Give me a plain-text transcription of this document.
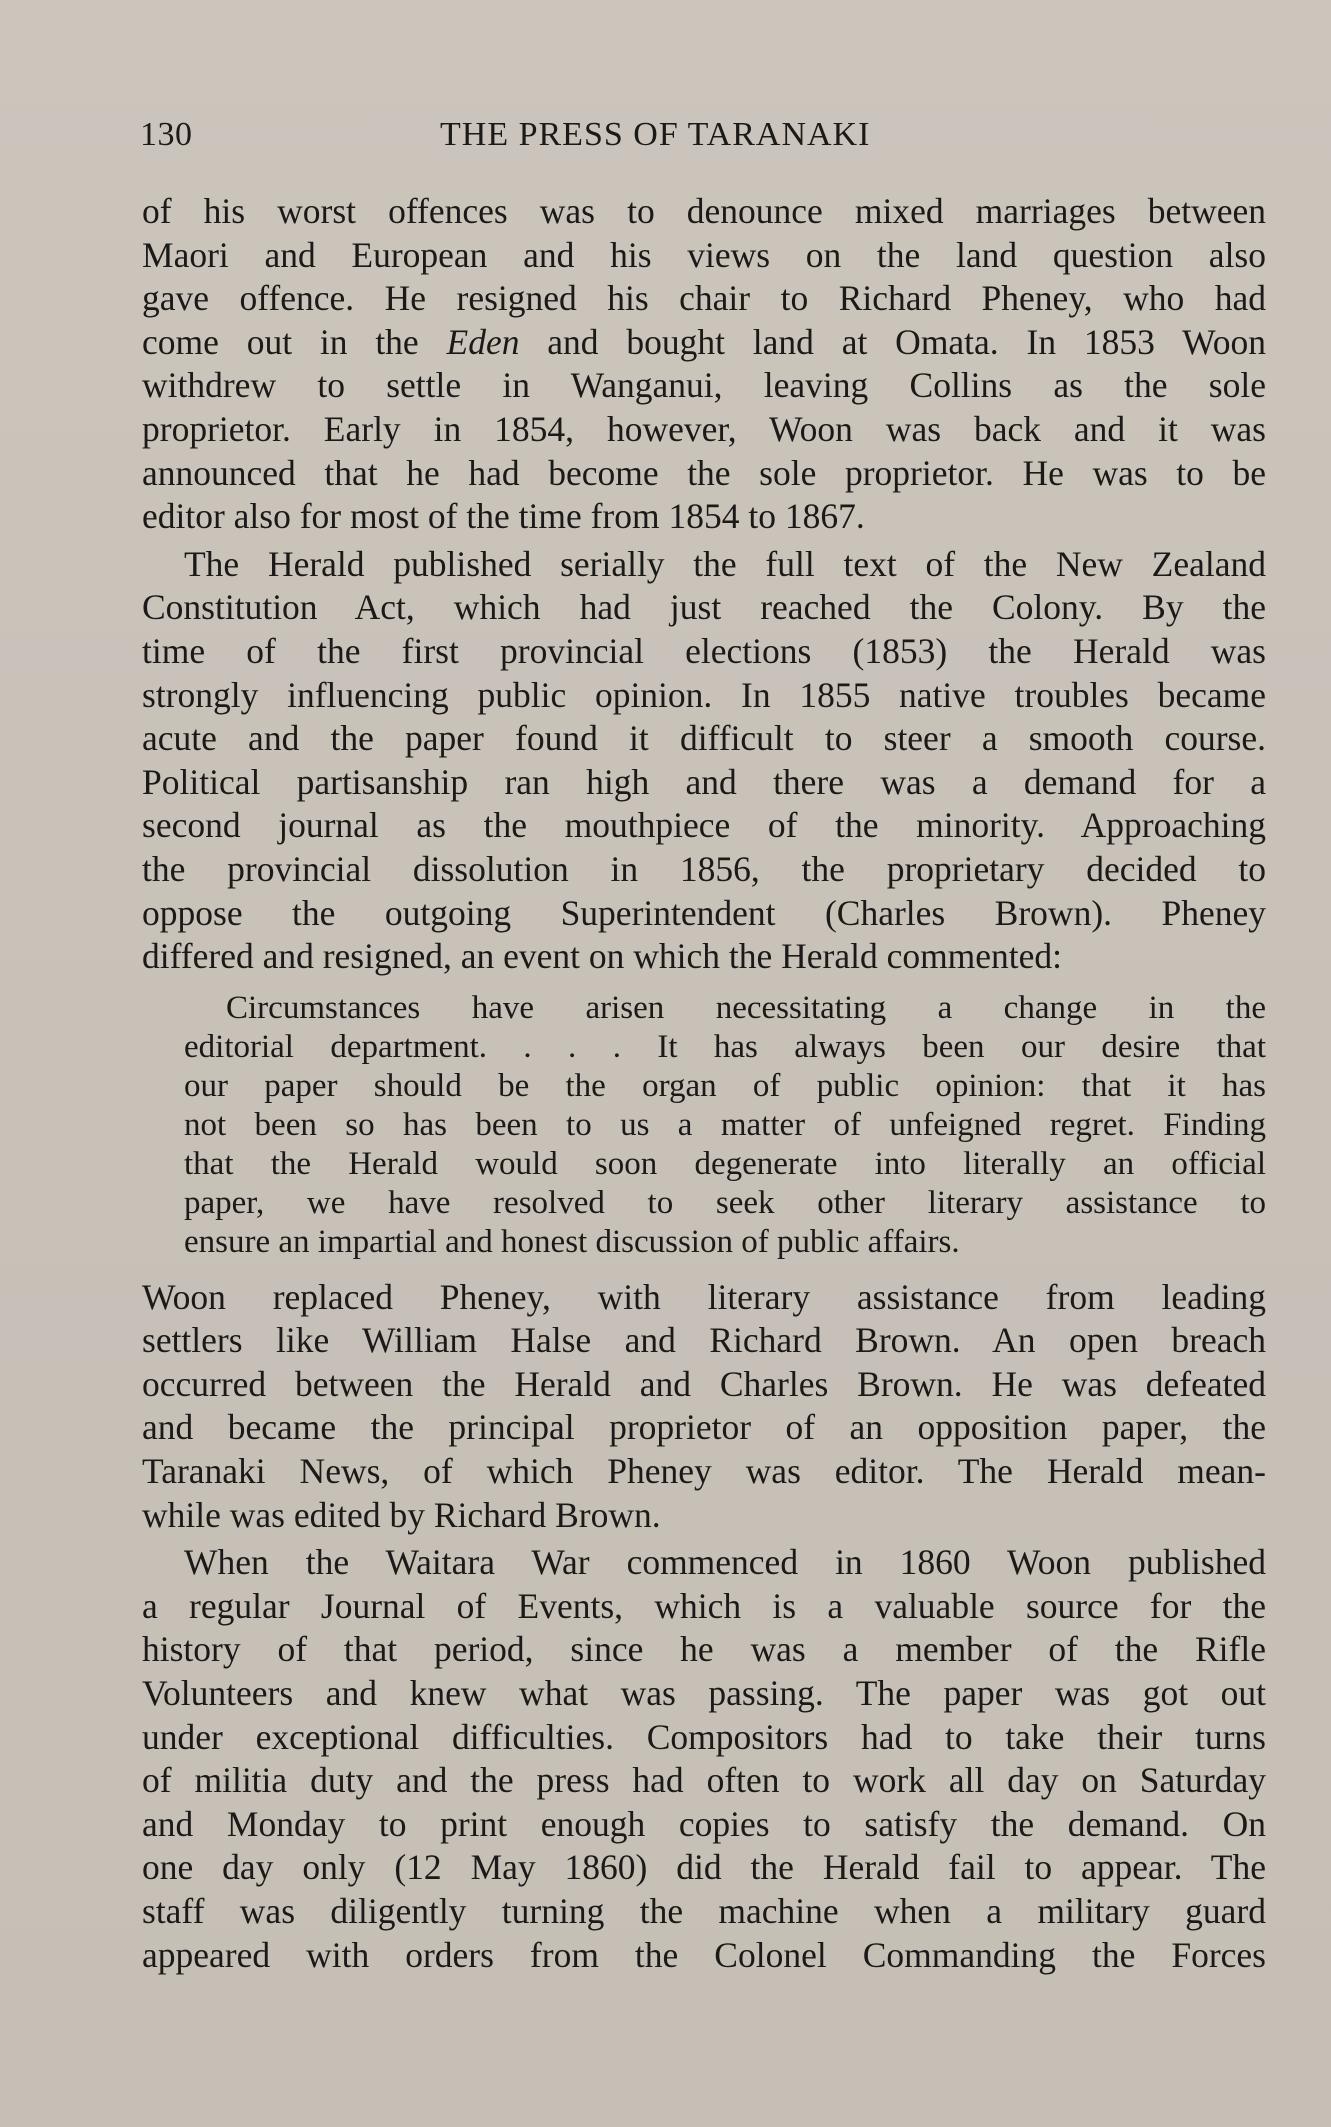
130	THE PRESS OF TARANAKI
of his worst offences was to denounce mixed marriages between
Maori and European and his views on the land question also
gave offence. He resigned his chair to Richard Pheney, who had
come out in the Eden and bought land at Omata. In 1853 Woon
withdrew to settle in Wanganui, leaving Collins as the sole
proprietor. Early in 1854, however, Woon was back and it was
announced that he had become the sole proprietor. He was to be
editor also for most of the time from 1854 to 1867.
The Herald published serially the full text of the New Zealand
Constitution Act, which had just reached the Colony. By the
time of the first provincial elections (1853) the Herald was
strongly influencing public opinion. In 1855 native troubles became
acute and the paper found it difficult to steer a smooth course.
Political partisanship ran high and there was a demand for a
second journal as the mouthpiece of the minority. Approaching
the provincial dissolution in 1856, the proprietary decided to
oppose the outgoing Superintendent (Charles Brown). Pheney
differed and resigned, an event on which the Herald commented:
Circumstances have arisen necessitating a change in the
editorial department. . . . It has always been our desire that
our paper should be the organ of public opinion: that it has
not been so has been to us a matter of unfeigned regret. Finding
that the Herald would soon degenerate into literally an official
paper, we have resolved to seek other literary assistance to
ensure an impartial and honest discussion of public affairs.
Woon replaced Pheney, with literary assistance from leading
settlers like William Halse and Richard Brown. An open breach
occurred between the Herald and Charles Brown. He was defeated
and became the principal proprietor of an opposition paper, the
Taranaki News, of which Pheney was editor. The Herald mean-
while was edited by Richard Brown.
When the Waitara War commenced in 1860 Woon published
a regular Journal of Events, which is a valuable source for the
history of that period, since he was a member of the Rifle
Volunteers and knew what was passing. The paper was got out
under exceptional difficulties. Compositors had to take their turns
of militia duty and the press had often to work all day on Saturday
and Monday to print enough copies to satisfy the demand. On
one day only (12 May 1860) did the Herald fail to appear. The
staff was diligently turning the machine when a military guard
appeared with orders from the Colonel Commanding the Forces
